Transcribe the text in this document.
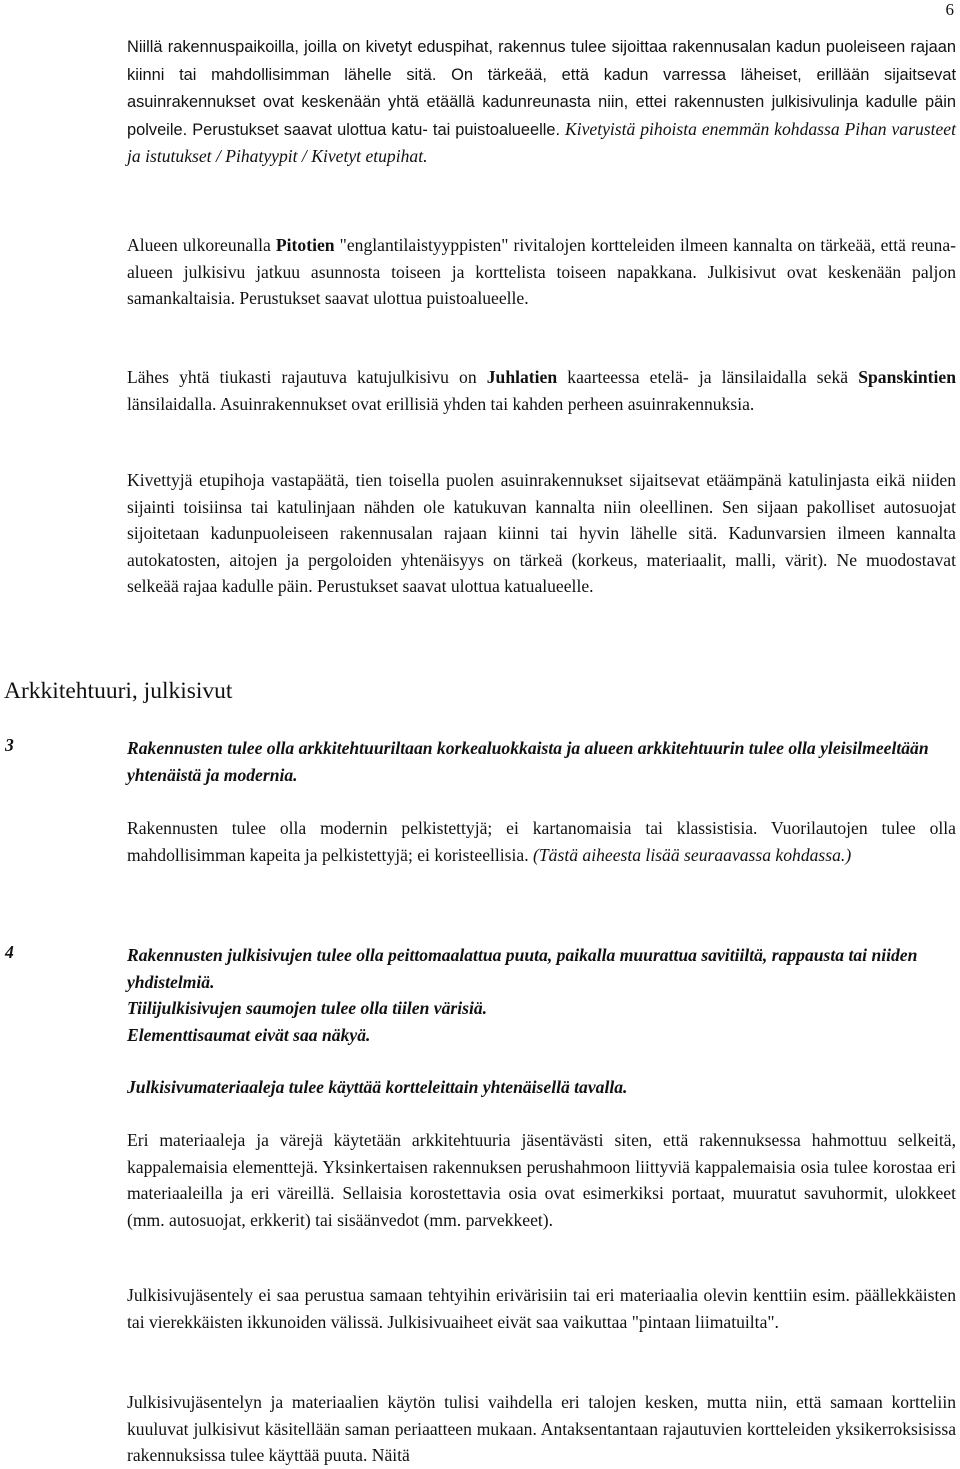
6

Niillä rakennuspaikoilla, joilla on kivetyt eduspihat, rakennus tulee sijoittaa rakennusalan kadun puoleiseen rajaan kiinni tai mahdollisimman lähelle sitä. On tärkeää, että kadun varressa läheiset, erillään sijaitsevat asuinrakennukset ovat keskenään yhtä etäällä kadunreunasta niin, ettei rakennusten julkisivulinja kadulle päin polveile. Perustukset saavat ulottua katu- tai puistoalueelle. Kivetyistä pihoista enemmän kohdassa Pihan varusteet ja istutukset / Pihatyypit / Kivetyt etupihat.

Alueen ulkoreunalla Pitotien "englantilaistyyppisten" rivitalojen kortteleiden ilmeen kannalta on tärkeää, että reuna-alueen julkisivu jatkuu asunnosta toiseen ja korttelista toiseen napakkana. Julkisivut ovat keskenään paljon samankaltaisia. Perustukset saavat ulottua puistoalueelle.

Lähes yhtä tiukasti rajautuva katujulkisivu on Juhlatien kaarteessa etelä- ja länsilaidalla sekä Spanskintien länsilaidalla. Asuinrakennukset ovat erillisiä yhden tai kahden perheen asuinrakennuksia.

Kivettyjä etupihoja vastapäätä, tien toisella puolen asuinrakennukset sijaitsevat etäämpänä katulinjasta eikä niiden sijainti toisiinsa tai katulinjaan nähden ole katukuvan kannalta niin oleellinen. Sen sijaan pakolliset autosuojat sijoitetaan kadunpuoleiseen rakennusalan rajaan kiinni tai hyvin lähelle sitä. Kadunvarsien ilmeen kannalta autokatosten, aitojen ja pergoloiden yhtenäisyys on tärkeä (korkeus, materiaalit, malli, värit). Ne muodostavat selkeää rajaa kadulle päin. Perustukset saavat ulottua katualueelle.

Arkkitehtuuri, julkisivut
3	Rakennusten tulee olla arkkitehtuuriltaan korkealuokkaista ja alueen arkkitehtuurin tulee olla yleisilmeeltään yhtenäistä ja modernia.

Rakennusten tulee olla modernin pelkistettyjä; ei kartanomaisia tai klassistisia. Vuorilautojen tulee olla mahdollisimman kapeita ja pelkistettyjä; ei koristeellisia. (Tästä aiheesta lisää seuraavassa kohdassa.)

4	Rakennusten julkisivujen tulee olla peittomaalattua puuta, paikalla muurattua savitiiltä, rappausta tai niiden yhdistelmiä.
Tiilijulkisivujen saumojen tulee olla tiilen värisiä.
Elementtisaumat eivät saa näkyä.

Julkisivumateriaaleja tulee käyttää kortteleittain yhtenäisellä tavalla.

Eri materiaaleja ja värejä käytetään arkkitehtuuria jäsentävästi siten, että rakennuksessa hahmottuu selkeitä, kappalemaisia elementtejä. Yksinkertaisen rakennuksen perushahmoon liittyviä kappalemaisia osia tulee korostaa eri materiaaleilla ja eri väreillä. Sellaisia korostettavia osia ovat esimerkiksi portaat, muuratut savuhormit, ulokkeet (mm. autosuojat, erkkerit) tai sisäänvedot (mm. parvekkeet).

Julkisivujäsentely ei saa perustua samaan tehtyihin erivärisiin tai eri materiaalia olevin kenttiin esim. päällekkäisten tai vierekkäisten ikkunoiden välissä. Julkisivuaiheet eivät saa vaikuttaa "pintaan liimatuilta".

Julkisivujäsentelyn ja materiaalien käytön tulisi vaihdella eri talojen kesken, mutta niin, että samaan kortteliin kuuluvat julkisivut käsitellään saman periaatteen mukaan. Antaksentantaan rajautuvien kortteleiden yksikerroksisissa rakennuksissa tulee käyttää puuta. Näitä
